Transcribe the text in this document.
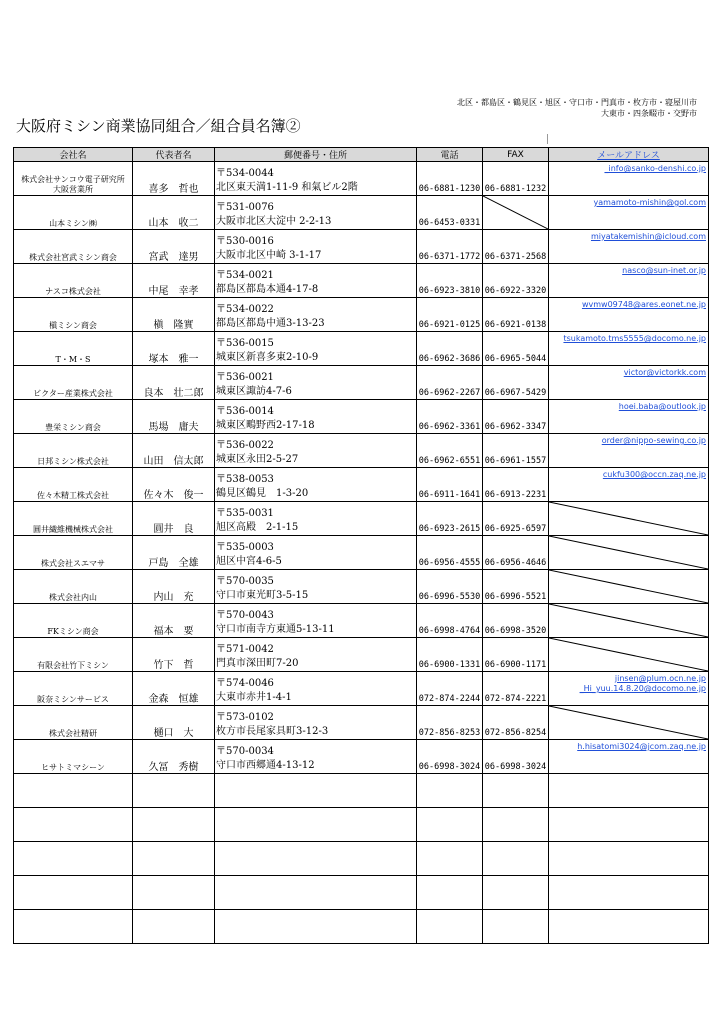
北区・都島区・鶴見区・旭区・守口市・門真市・枚方市・寝屋川市
大東市・四条畷市・交野市
大阪府ミシン商業協同組合／組合員名簿②
会社名	代表者名	郵便番号・住所	電話	FAX	メールアドレス
株式会社サンコウ電子研究所
大阪営業所	喜多　哲也	〒534-0044
北区東天満1-11-9 和氣ビル2階	06-6881-1230	06-6881-1232	_info@sanko-denshi.co.jp

山本ミシン㈱	山本　收二	〒531-0076
大阪市北区大淀中 2-2-13	06-6453-0331		yamamoto-mishin@gol.com

株式会社宮武ミシン商会	宮武　達男	〒530-0016
大阪市北区中崎 3-1-17	06-6371-1772	06-6371-2568	miyatakemishin@icloud.com

ナスコ株式会社	中尾　幸孝	〒534-0021
都島区都島本通4-17-8	06-6923-3810	06-6922-3320	nasco@sun-inet.or.jp

槇ミシン商会	槇　隆實	〒534-0022
都島区都島中通3-13-23	06-6921-0125	06-6921-0138	wvmw09748@ares.eonet.ne.jp

T・M・S	塚本　雅一	〒536-0015
城東区新喜多東2-10-9	06-6962-3686	06-6965-5044	tsukamoto.tms5555@docomo.ne.jp

ビクター産業株式会社	良本　壮二郎	〒536-0021
城東区諏訪4-7-6	06-6962-2267	06-6967-5429	victor@victorkk.com

豊栄ミシン商会	馬場　庸夫	〒536-0014
城東区鴫野西2-17-18	06-6962-3361	06-6962-3347	hoei.baba@outlook.jp

日邦ミシン株式会社	山田　信太郎	〒536-0022
城東区永田2-5-27	06-6962-6551	06-6961-1557	order@nippo-sewing.co.jp

佐々木精工株式会社	佐々木　俊一	〒538-0053
鶴見区鶴見　1-3-20	06-6911-1641	06-6913-2231	cukfu300@occn.zaq.ne.jp

圓井繊維機械株式会社	圓井　良	〒535-0031
旭区高殿　2-1-15	06-6923-2615	06-6925-6597	

株式会社スエマサ	戸島　全雄	〒535-0003
旭区中宮4-6-5	06-6956-4555	06-6956-4646	

株式会社内山	内山　充	〒570-0035
守口市東光町3-5-15	06-6996-5530	06-6996-5521	

FKミシン商会	福本　要	〒570-0043
守口市南寺方東通5-13-11	06-6998-4764	06-6998-3520	

有限会社竹下ミシン	竹下　哲	〒571-0042
門真市深田町7-20	06-6900-1331	06-6900-1171	

阪奈ミシンサービス	金森　恒雄	〒574-0046
大東市赤井1-4-1	072-874-2244	072-874-2221	jinsen@plum.ocn.ne.jp
_Hi_yuu.14.8.20@docomo.ne.jp

株式会社精研	樋口　大	〒573-0102
枚方市長尾家具町3-12-3	072-856-8253	072-856-8254	

ヒサトミマシーン	久冨　秀樹	〒570-0034
守口市西郷通4-13-12	06-6998-3024	06-6998-3024	h.hisatomi3024@jcom.zaq.ne.jp
